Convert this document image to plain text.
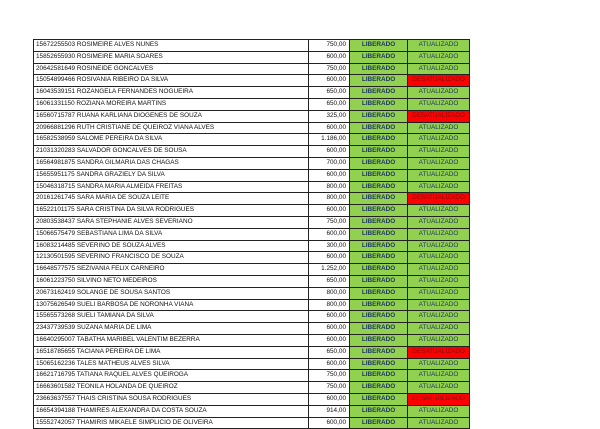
15672255503 ROSIMEIRE ALVES NUNES	750,00	LIBERADO	ATUALIZADO
15852655930 ROSIMEIRE MARIA SOARES	600,00	LIBERADO	ATUALIZADO
20642581649 ROSINEIDE GONCALVES	750,00	LIBERADO	ATUALIZADO
15054899466 ROSIVANIA RIBEIRO DA SILVA	600,00	LIBERADO	DESATUALIZADO
16043539151 ROZANGELA FERNANDES NOGUEIRA	650,00	LIBERADO	ATUALIZADO
16061331150 ROZIANA MOREIRA MARTINS	650,00	LIBERADO	ATUALIZADO
16560715787 RUANA KARLIANA DIOGENES DE SOUZA	325,00	LIBERADO	DESATUALIZADO
20966881296 RUTH CRISTIANE DE QUEIROZ VIANA ALVES	600,00	LIBERADO	ATUALIZADO
16582538959 SALOME PEREIRA DA SILVA	1.186,00	LIBERADO	ATUALIZADO
21031320283 SALVADOR GONCALVES DE SOUSA	600,00	LIBERADO	ATUALIZADO
16564981875 SANDRA GILMARIA DAS CHAGAS	700,00	LIBERADO	ATUALIZADO
15655951175 SANDRA GRAZIELY DA SILVA	600,00	LIBERADO	ATUALIZADO
15046318715 SANDRA MARIA ALMEIDA FREITAS	800,00	LIBERADO	ATUALIZADO
20161261745 SARA MARIA DE SOUZA LEITE	800,00	LIBERADO	DESATUALIZADO
16522101175 SARA CRISTINA DA SILVA RODRIGUES	600,00	LIBERADO	ATUALIZADO
20803538437 SARA STEPHANIE ALVES SEVERIANO	750,00	LIBERADO	ATUALIZADO
15066575479 SEBASTIANA LIMA DA SILVA	600,00	LIBERADO	ATUALIZADO
16083214485 SEVERINO DE SOUZA ALVES	300,00	LIBERADO	ATUALIZADO
12130501595 SEVERINO FRANCISCO DE SOUZA	600,00	LIBERADO	ATUALIZADO
16648577575 SEZIVANIA FELIX CARNEIRO	1.252,00	LIBERADO	ATUALIZADO
16061223750 SILVINO NETO MEDEIROS	650,00	LIBERADO	ATUALIZADO
20673162419 SOLANGE DE SOUSA SANTOS	800,00	LIBERADO	ATUALIZADO
13075626549 SUELI BARBOSA DE NORONHA VIANA	800,00	LIBERADO	ATUALIZADO
15565573268 SUELI TAMIANA DA SILVA	600,00	LIBERADO	ATUALIZADO
23437739539 SUZANA MARIA DE LIMA	600,00	LIBERADO	ATUALIZADO
16640295007 TABATHA MARIBEL VALENTIM BEZERRA	600,00	LIBERADO	ATUALIZADO
16518785655 TACIANA PEREIRA DE LIMA	650,00	LIBERADO	DESATUALIZADO
15065162236 TALES MATHEUS ALVES SILVA	600,00	LIBERADO	ATUALIZADO
16621716795 TATIANA RAQUEL ALVES QUEIROGA	750,00	LIBERADO	ATUALIZADO
16663601582 TEONILA HOLANDA DE QUEIROZ	750,00	LIBERADO	ATUALIZADO
23663637557 THAIS CRISTINA SOUSA RODRIGUES	600,00	LIBERADO	DESATUALIZADO
16654394188 THAMIRES ALEXANDRA DA COSTA SOUZA	914,00	LIBERADO	ATUALIZADO
15552742057 THAMIRIS MIKAELE SIMPLICIO DE OLIVEIRA	600,00	LIBERADO	ATUALIZADO
